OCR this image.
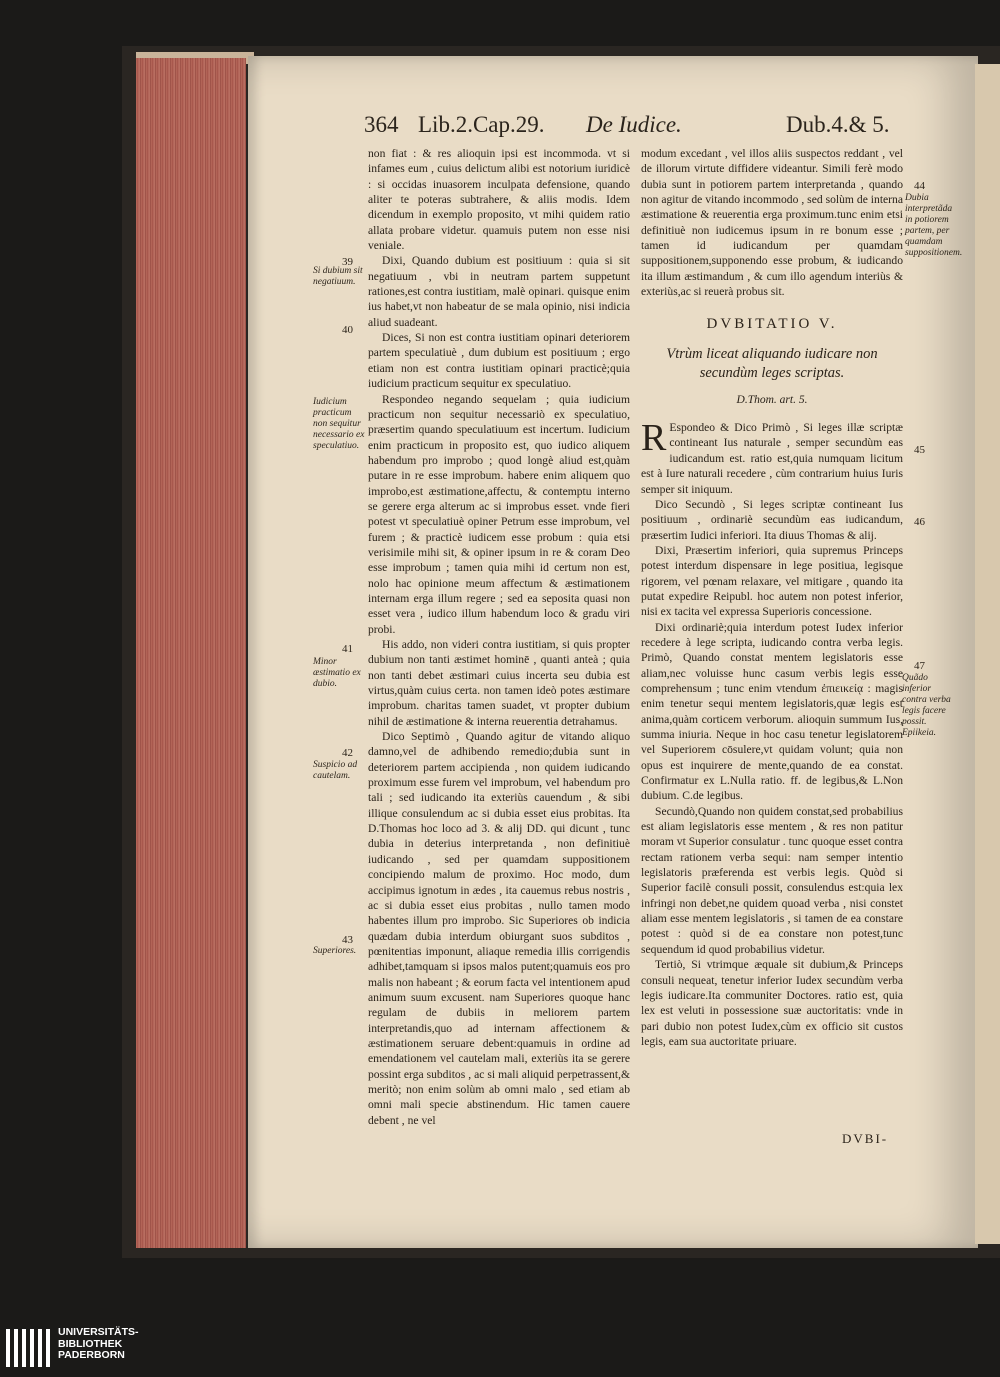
364 Lib.2.Cap.29. De Iudice.	Dub.4.& 5.

non fiat : & res alioquin ipsi est incommoda. vt si infames eum , cuius delictum alibi est notorium iuridicè : si occidas inuasorem inculpata defensione, quando aliter te poteras subtrahere, & aliis modis. Idem dicendum in exemplo proposito, vt mihi quidem ratio allata probare videtur. quamuis putem non esse nisi veniale.

Dixi, Quando dubium est positiuum : quia si sit negatiuum , vbi in neutram partem suppetunt rationes,est contra iustitiam, malè opinari. quisque enim ius habet,vt non habeatur de se mala opinio, nisi indicia aliud suadeant.

Dices, Si non est contra iustitiam opinari deteriorem partem speculatiuè , dum dubium est positiuum ; ergo etiam non est contra iustitiam opinari practicè;quia iudicium practicum sequitur ex speculatiuo.

Respondeo negando sequelam ; quia iudicium practicum non sequitur necessariò ex speculatiuo, præsertim quando speculatiuum est incertum. Iudicium enim practicum in proposito est, quo iudico aliquem habendum pro improbo ; quod longè aliud est,quàm putare in re esse improbum. habere enim aliquem quo improbo,est æstimatione,affectu, & contemptu interno se gerere erga alterum ac si improbus esset. vnde fieri potest vt speculatiuè opiner Petrum esse improbum, vel furem ; & practicè iudicem esse probum : quia etsi verisimile mihi sit, & opiner ipsum in re & coram Deo esse improbum ; tamen quia mihi id certum non est, nolo hac opinione meum affectum & æstimationem internam erga illum regere ; sed ea seposita quasi non esset vera , iudico illum habendum loco & gradu viri probi.

His addo, non videri contra iustitiam, si quis propter dubium non tanti æstimet hominē , quanti anteà ; quia non tanti debet æstimari cuius incerta seu dubia est virtus,quàm cuius certa. non tamen ideò potes æstimare improbum. charitas tamen suadet, vt propter dubium nihil de æstimatione & interna reuerentia detrahamus.

Dico Septimò , Quando agitur de vitando aliquo damno,vel de adhibendo remedio;dubia sunt in deteriorem partem accipienda , non quidem iudicando proximum esse furem vel improbum, vel habendum pro tali ; sed iudicando ita exteriùs cauendum , & sibi illique consulendum ac si dubia esset eius probitas. Ita D.Thomas hoc loco ad 3. & alij DD. qui dicunt , tunc dubia in deterius interpretanda , non definitiuè iudicando , sed per quamdam suppositionem concipiendo malum de proximo. Hoc modo, dum accipimus ignotum in ædes , ita cauemus rebus nostris , ac si dubia esset eius probitas , nullo tamen modo habentes illum pro improbo. Sic Superiores ob indicia quædam dubia interdum obiurgant suos subditos , pœnitentias imponunt, aliaque remedia illis corrigendis adhibet,tamquam si ipsos malos putent;quamuis eos pro malis non habeant ; & eorum facta vel intentionem apud animum suum excusent. nam Superiores quoque hanc regulam de dubiis in meliorem partem interpretandis,quo ad internam affectionem & æstimationem seruare debent:quamuis in ordine ad emendationem vel cautelam mali, exteriùs ita se gerere possint erga subditos , ac si mali aliquid perpetrassent,& meritò; non enim solùm ab omni malo , sed etiam ab omni mali specie abstinendum. Hic tamen cauere debent , ne vel

39
Si dubium sit negatiuum.
40
Iudicium practicum non sequitur necessario ex speculatiuo.
41
Minor æstimatio ex dubio.
42
Suspicio ad cautelam.
43
Superiores.

modum excedant , vel illos aliis suspectos reddant , vel de illorum virtute diffidere videantur. Simili ferè modo dubia sunt in potiorem partem interpretanda , quando non agitur de vitando incommodo , sed solùm de interna æstimatione & reuerentia erga proximum.tunc enim etsi definitiuè non iudicemus ipsum in re bonum esse ; tamen id iudicandum per quamdam suppositionem,supponendo esse probum, & iudicando ita illum æstimandum , & cum illo agendum interiùs & exteriùs,ac si reuerà probus sit.

DVBITATIO V.
Vtrùm liceat aliquando iudicare non secundùm leges scriptas.
D.Thom. art. 5.

R Espondeo & Dico Primò , Si leges illæ scriptæ contineant Ius naturale , semper secundùm eas iudicandum est. ratio est,quia numquam licitum est à Iure naturali recedere , cùm contrarium huius Iuris semper sit iniquum.

Dico Secundò , Si leges scriptæ contineant Ius positiuum , ordinariè secundùm eas iudicandum, præsertim Iudici inferiori. Ita diuus Thomas & alij.

Dixi, Præsertim inferiori, quia supremus Princeps potest interdum dispensare in lege positiua, legisque rigorem, vel pœnam relaxare, vel mitigare , quando ita putat expedire Reipubl. hoc autem non potest inferior, nisi ex tacita vel expressa Superioris concessione.

Dixi ordinariè;quia interdum potest Iudex inferior recedere à lege scripta, iudicando contra verba legis. Primò, Quando constat mentem legislatoris esse aliam,nec voluisse hunc casum verbis legis esse comprehensum ; tunc enim vtendum ἐπιεικείᾳ : magis enim tenetur sequi mentem legislatoris,quæ legis est anima,quàm corticem verborum. alioquin summum Ius, summa iniuria. Neque in hoc casu tenetur legislatorem vel Superiorem cōsulere,vt quidam volunt; quia non opus est inquirere de mente,quando de ea constat. Confirmatur ex L.Nulla ratio. ff. de legibus,& L.Non dubium. C.de legibus.

Secundò,Quando non quidem constat,sed probabilius est aliam legislatoris esse mentem , & res non patitur moram vt Superior consulatur . tunc quoque esset contra rectam rationem verba sequi: nam semper intentio legislatoris præferenda est verbis legis. Quòd si Superior facilè consuli possit, consulendus est:quia lex infringi non debet,ne quidem quoad verba , nisi constet aliam esse mentem legislatoris , si tamen de ea constare potest : quòd si de ea constare non potest,tunc sequendum id quod probabilius videtur.

Tertiò, Si vtrimque æquale sit dubium,& Princeps consuli nequeat, tenetur inferior Iudex secundùm verba legis iudicare.Ita communiter Doctores. ratio est, quia lex est veluti in possessione suæ auctoritatis: vnde in pari dubio non potest Iudex,cùm ex officio sit custos legis, eam sua auctoritate priuare.

44
Dubia interpretãda in potiorem partem, per quamdam suppositionem.
45
46
47
Quãdo inferior contra verba legis facere possit. Epiikeia.
DVBI-
UNIVERSITÄTS-
BIBLIOTHEK
PADERBORN
